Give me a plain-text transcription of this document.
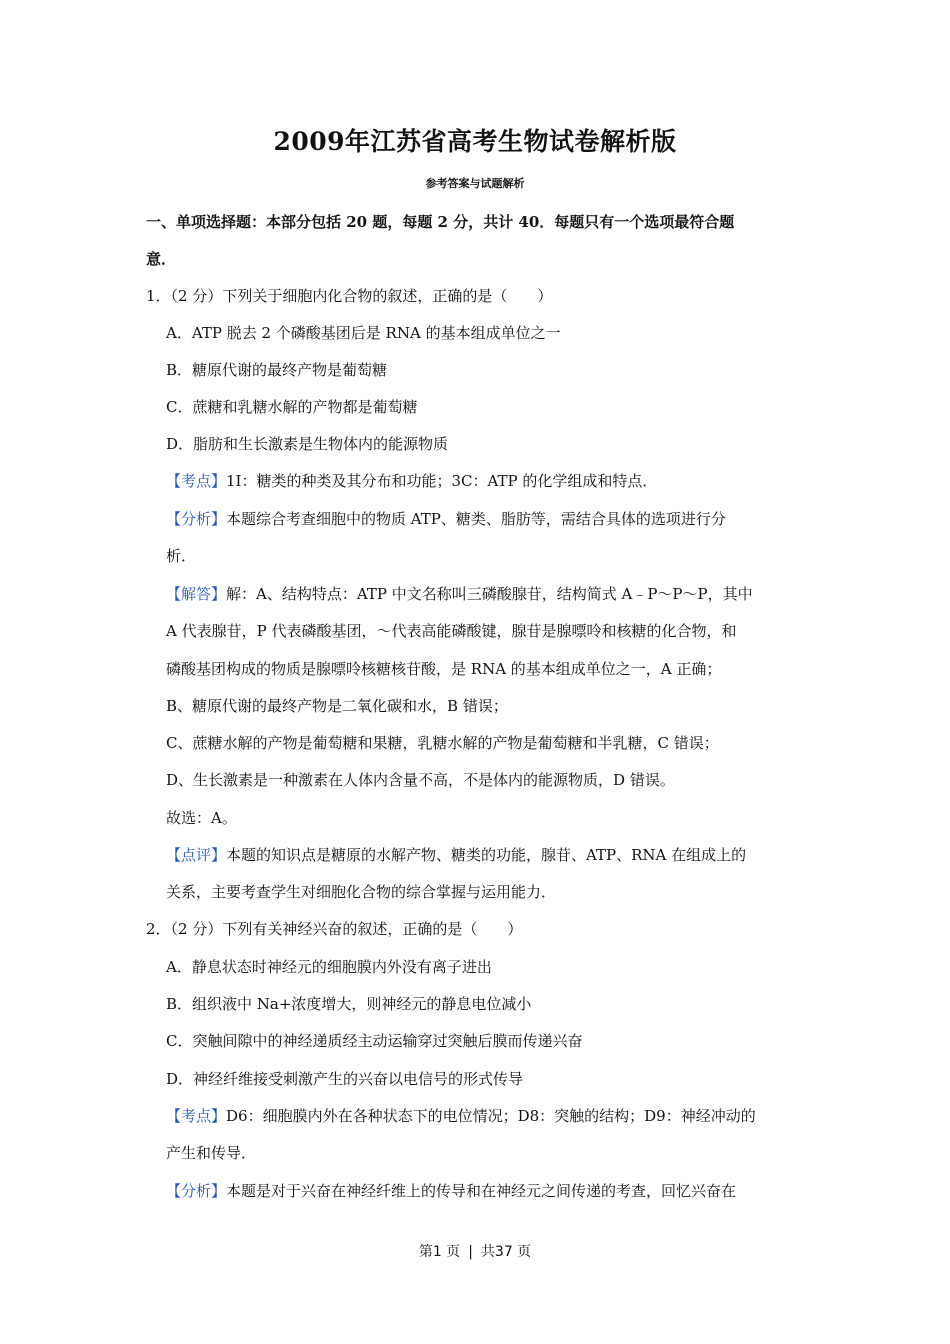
2009年江苏省高考生物试卷解析版
参考答案与试题解析
一、单项选择题：本部分包括 20 题，每题 2 分，共计 40．每题只有一个选项最符合题
意．
1．（2 分）下列关于细胞内化合物的叙述，正确的是（　　）
A．ATP 脱去 2 个磷酸基团后是 RNA 的基本组成单位之一
B．糖原代谢的最终产物是葡萄糖
C．蔗糖和乳糖水解的产物都是葡萄糖
D．脂肪和生长激素是生物体内的能源物质
【考点】1I：糖类的种类及其分布和功能；3C：ATP 的化学组成和特点．
【分析】本题综合考查细胞中的物质 ATP、糖类、脂肪等，需结合具体的选项进行分
析．
【解答】解：A、结构特点：ATP 中文名称叫三磷酸腺苷，结构简式 A﹣P～P～P，其中
A 代表腺苷，P 代表磷酸基团，～代表高能磷酸键，腺苷是腺嘌呤和核糖的化合物，和
磷酸基团构成的物质是腺嘌呤核糖核苷酸，是 RNA 的基本组成单位之一，A 正确；
B、糖原代谢的最终产物是二氧化碳和水，B 错误；
C、蔗糖水解的产物是葡萄糖和果糖，乳糖水解的产物是葡萄糖和半乳糖，C 错误；
D、生长激素是一种激素在人体内含量不高，不是体内的能源物质，D 错误。
故选：A。
【点评】本题的知识点是糖原的水解产物、糖类的功能，腺苷、ATP、RNA 在组成上的
关系，主要考查学生对细胞化合物的综合掌握与运用能力．
2．（2 分）下列有关神经兴奋的叙述，正确的是（　　）
A．静息状态时神经元的细胞膜内外没有离子进出
B．组织液中 Na+浓度增大，则神经元的静息电位减小
C．突触间隙中的神经递质经主动运输穿过突触后膜而传递兴奋
D．神经纤维接受刺激产生的兴奋以电信号的形式传导
【考点】D6：细胞膜内外在各种状态下的电位情况；D8：突触的结构；D9：神经冲动的
产生和传导．
【分析】本题是对于兴奋在神经纤维上的传导和在神经元之间传递的考查，回忆兴奋在
第1 页 | 共37 页
